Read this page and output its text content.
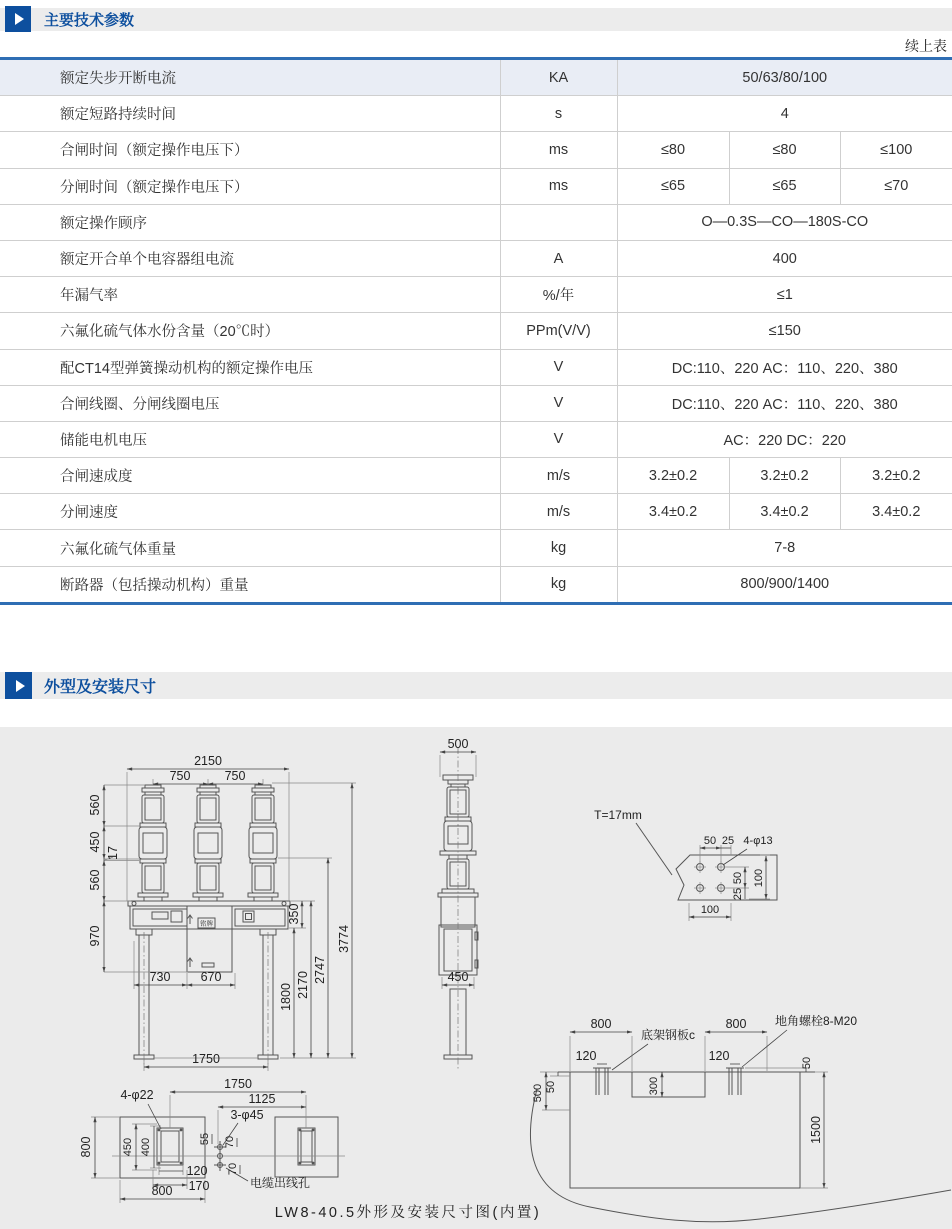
主要技术参数
续上表
额定失步开断电流	KA	50/63/80/100		
额定短路持续时间	s	4		
合闸时间（额定操作电压下）	ms	≤80	≤80	≤100
分闸时间（额定操作电压下）	ms	≤65	≤65	≤70
额定操作顾序		O—0.3S—CO—180S-CO		
额定开合单个电容器组电流	A	400		
年漏气率	%/年	≤1		
六氟化硫气体水份含量（20℃时）	PPm(V/V)	≤150		
配CT14型弹簧操动机构的额定操作电压	V	DC:110、220 AC：110、220、380		
合闸线圈、分闸线圈电压	V	DC:110、220 AC：110、220、380		
储能电机电压	V	AC：220 DC：220		
合闸速成度	m/s	3.2±0.2	3.2±0.2	3.2±0.2
分闸速度	m/s	3.4±0.2	3.4±0.2	3.4±0.2
六氟化硫气体重量	kg	7-8		
断路器（包括操动机构）重量	kg	800/900/1400		
外型及安装尺寸
铭牌
2150
750	750
560
450
17
560
970
350
1800 2170
2747
3774
730 670
1750
500
450
T=17mm
50 25 4-φ13
50
25
100
100
800	800
120	120
500 50
50
300
1500
底架钢板c
地角螺栓8-M20
1750
1125
4-φ22
3-φ45
800	450 400	55 70
70
120
170
800
电缆出线孔
LW8-40.5外形及安装尺寸图(内置)
